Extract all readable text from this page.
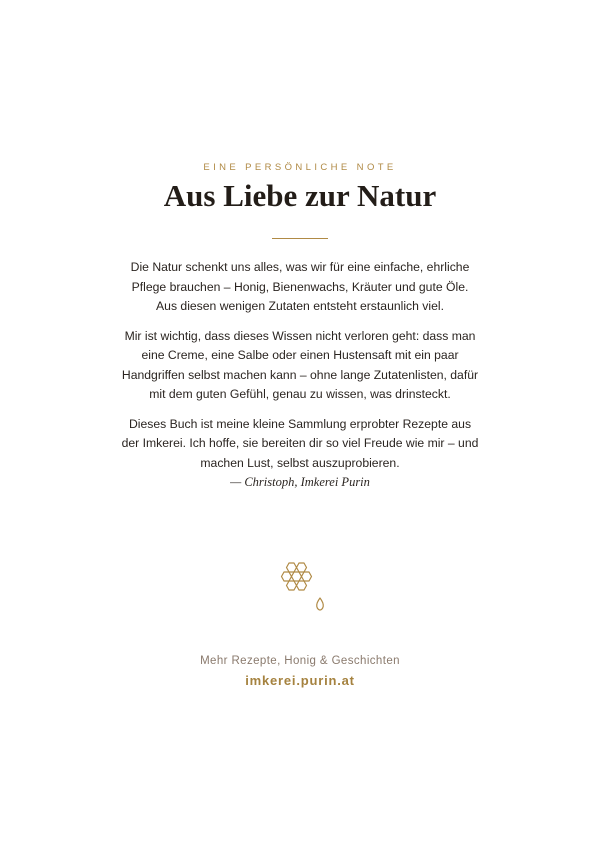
EINE PERSÖNLICHE NOTE
Aus Liebe zur Natur

Die Natur schenkt uns alles, was wir für eine einfache, ehrliche Pflege brauchen – Honig, Bienenwachs, Kräuter und gute Öle. Aus diesen wenigen Zutaten entsteht erstaunlich viel.

Mir ist wichtig, dass dieses Wissen nicht verloren geht: dass man eine Creme, eine Salbe oder einen Hustensaft mit ein paar Handgriffen selbst machen kann – ohne lange Zutatenlisten, dafür mit dem guten Gefühl, genau zu wissen, was drinsteckt.

Dieses Buch ist meine kleine Sammlung erprobter Rezepte aus der Imkerei. Ich hoffe, sie bereiten dir so viel Freude wie mir – und machen Lust, selbst auszuprobieren.

— Christoph, Imkerei Purin
Mehr Rezepte, Honig & Geschichten
imkerei.purin.at
